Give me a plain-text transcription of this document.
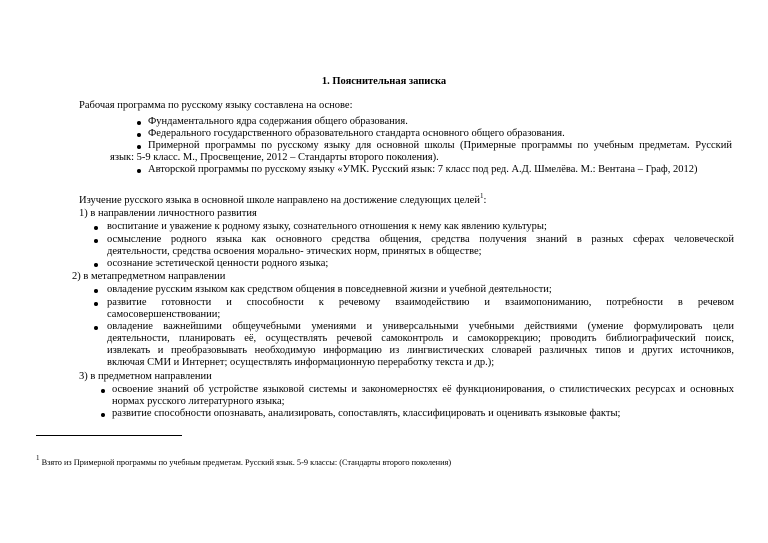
1. Пояснительная записка
Рабочая программа по русскому языку составлена на основе:
Фундаментального ядра содержания общего образования.
Федерального государственного образовательного стандарта основного общего образования.
Примерной программы по русскому языку для основной школы (Примерные программы по учебным предметам. Русский
язык: 5-9 класс. М., Просвещение, 2012 – Стандарты второго поколения).
Авторской программы по русскому языку «УМК. Русский язык: 7 класс под ред. А.Д. Шмелёва. М.: Вентана – Граф, 2012)
Изучение русского языка в основной школе направлено на достижение следующих целей$^1$:
1) в направлении личностного развития
воспитание и уважение к родному языку, сознательного отношения к нему как явлению культуры;
осмысление родного языка как основного средства общения, средства получения знаний в разных сферах человеческой
деятельности, средства освоения морально- этических норм, принятых в обществе;
осознание эстетической ценности родного языка;
2) в метапредметном направлении
овладение русским языком как средством общения в повседневной жизни и учебной деятельности;
развитие готовности и способности к речевому взаимодействию и взаимопониманию, потребности в речевом
самосовершенствовании;
овладение важнейшими общеучебными умениями и универсальными учебными действиями (умение формулировать цели
деятельности, планировать её, осуществлять речевой самоконтроль и самокоррекцию; проводить библиографический поиск,
извлекать и преобразовывать необходимую информацию из лингвистических словарей различных типов и других источников,
включая СМИ и Интернет; осуществлять информационную переработку текста и др.);
3) в предметном направлении
освоение знаний об устройстве языковой системы и закономерностях её функционирования, о стилистических ресурсах и основных
нормах русского литературного языка;
развитие способности опознавать, анализировать, сопоставлять, классифицировать и оценивать языковые факты;
$^1$ Взято из Примерной программы по учебным предметам. Русский язык. 5-9 классы: (Стандарты второго поколения)
